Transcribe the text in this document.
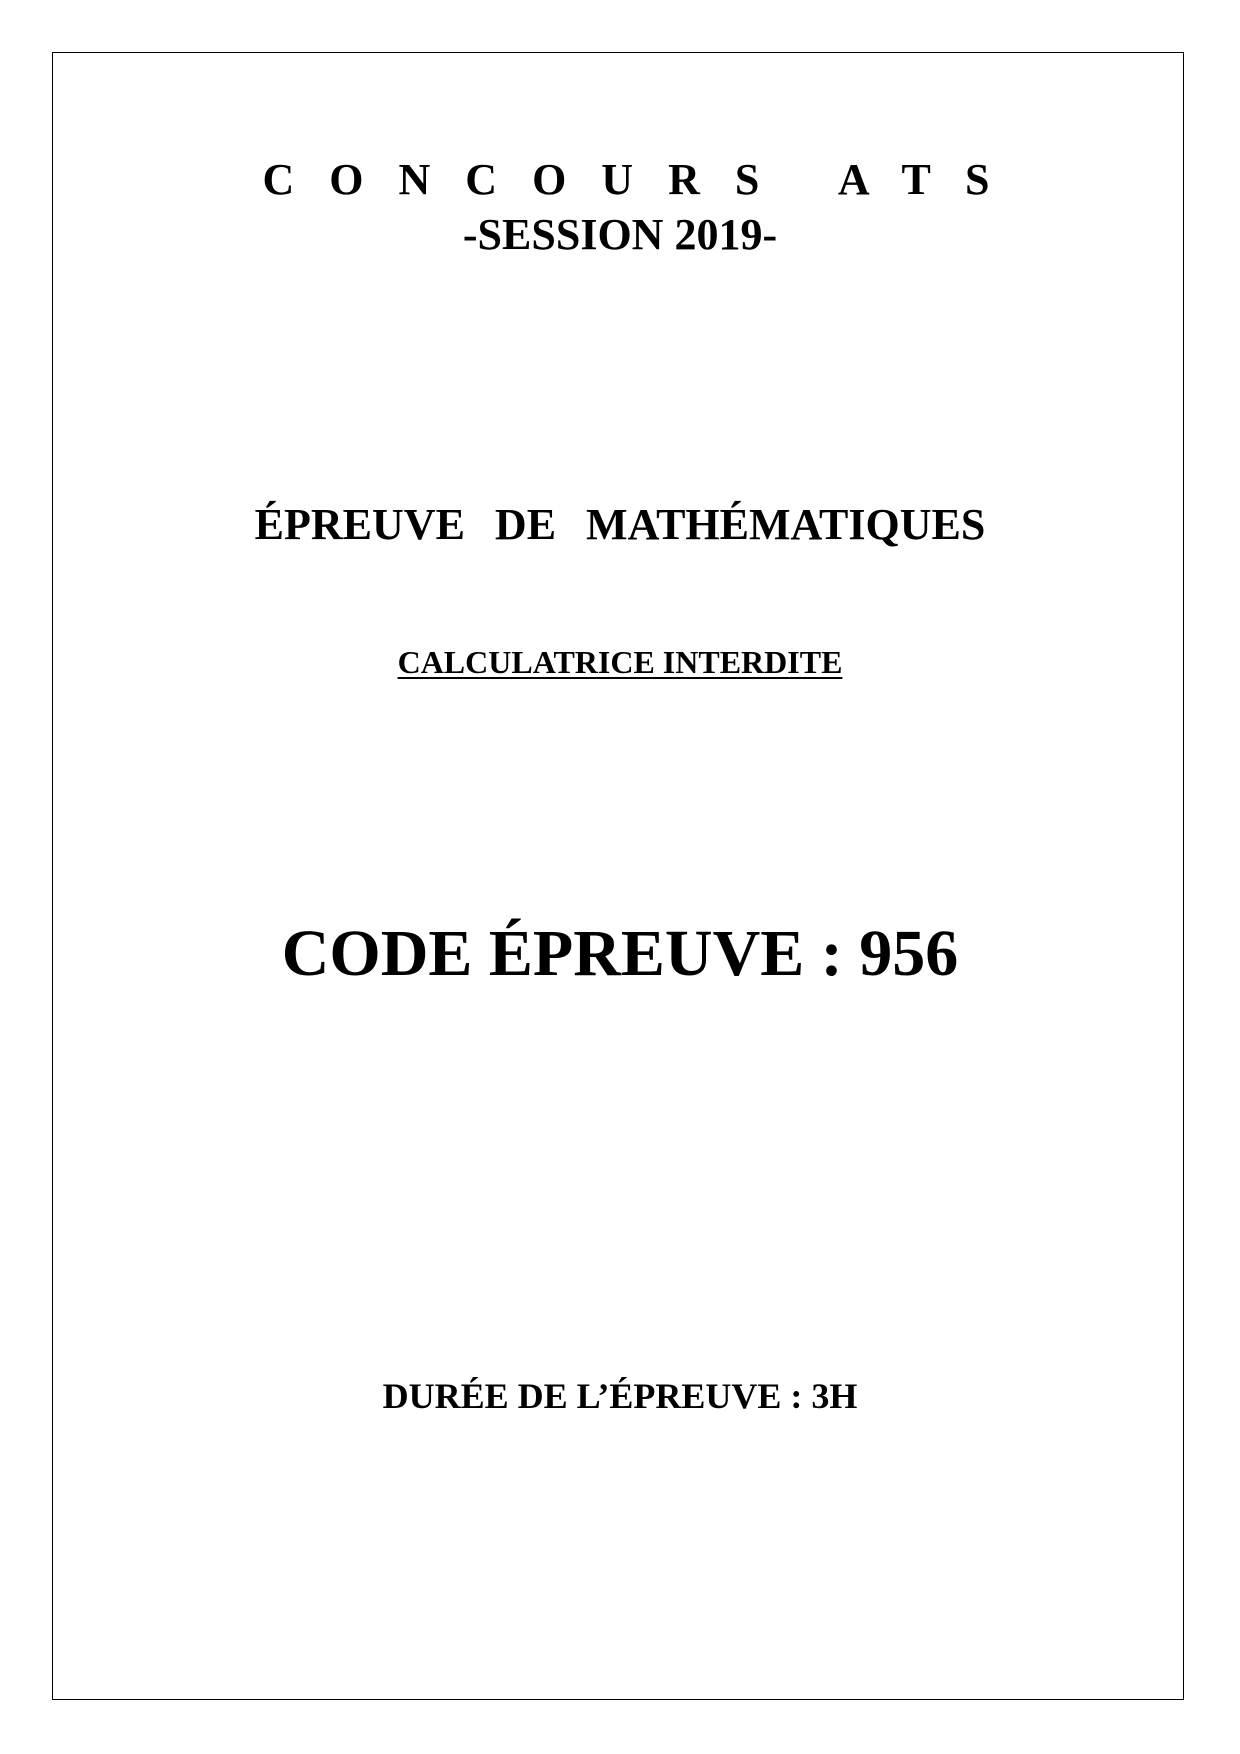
C O N C O U R S   A T S
-SESSION 2019-
ÉPREUVE  DE  MATHÉMATIQUES
CALCULATRICE INTERDITE
CODE ÉPREUVE : 956
DURÉE DE L’ÉPREUVE : 3H
